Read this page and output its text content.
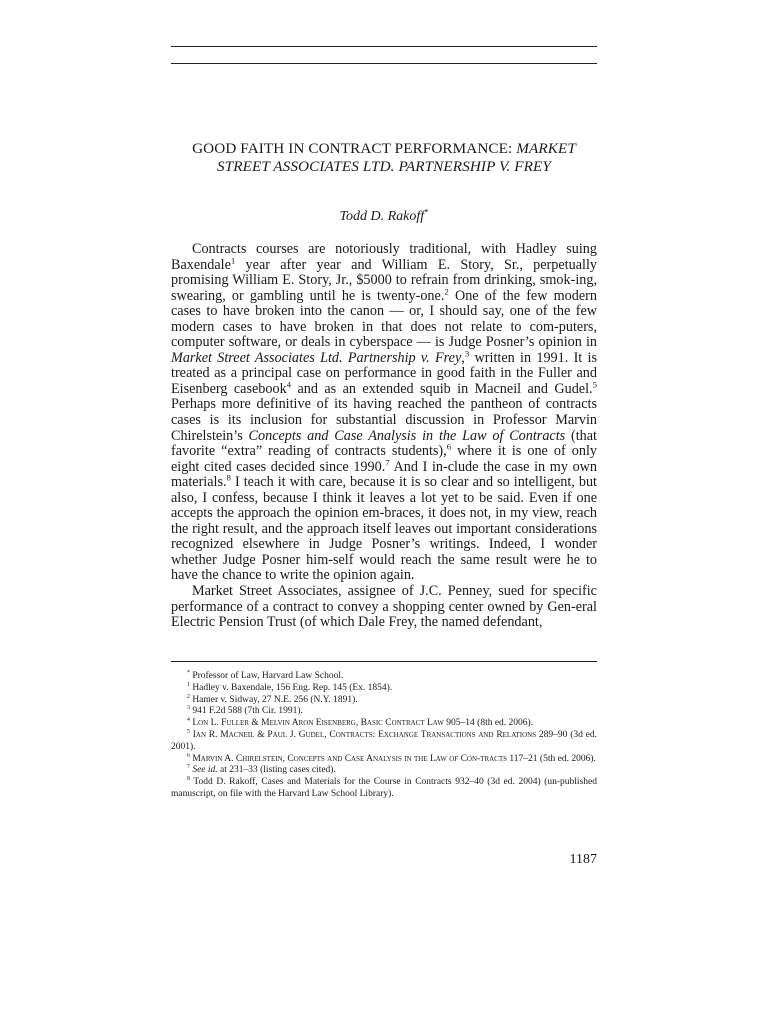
GOOD FAITH IN CONTRACT PERFORMANCE: MARKET
STREET ASSOCIATES LTD. PARTNERSHIP V. FREY
Todd D. Rakoff*

Contracts courses are notoriously traditional, with Hadley suing Baxendale$^1$ year after year and William E. Story, Sr., perpetually promising William E. Story, Jr., $5000 to refrain from drinking, smok-ing, swearing, or gambling until he is twenty-one.$^2$ One of the few modern cases to have broken into the canon — or, I should say, one of the few modern cases to have broken in that does not relate to com-puters, computer software, or deals in cyberspace — is Judge Posner’s opinion in Market Street Associates Ltd. Partnership v. Frey,$^3$ written in 1991. It is treated as a principal case on performance in good faith in the Fuller and Eisenberg casebook$^4$ and as an extended squib in Macneil and Gudel.$^5$ Perhaps more definitive of its having reached the pantheon of contracts cases is its inclusion for substantial discussion in Professor Marvin Chirelstein’s Concepts and Case Analysis in the Law of Contracts (that favorite “extra” reading of contracts students),$^6$ where it is one of only eight cited cases decided since 1990.$^7$ And I in-clude the case in my own materials.$^8$ I teach it with care, because it is so clear and so intelligent, but also, I confess, because I think it leaves a lot yet to be said. Even if one accepts the approach the opinion em-braces, it does not, in my view, reach the right result, and the approach itself leaves out important considerations recognized elsewhere in Judge Posner’s writings. Indeed, I wonder whether Judge Posner him-self would reach the same result were he to have the chance to write the opinion again.

Market Street Associates, assignee of J.C. Penney, sued for specific performance of a contract to convey a shopping center owned by Gen-eral Electric Pension Trust (of which Dale Frey, the named defendant,

* Professor of Law, Harvard Law School.
$^1$ Hadley v. Baxendale, 156 Eng. Rep. 145 (Ex. 1854).
$^2$ Hamer v. Sidway, 27 N.E. 256 (N.Y. 1891).
$^3$ 941 F.2d 588 (7th Cir. 1991).
$^4$ Lon L. Fuller & Melvin Aron Eisenberg, Basic Contract Law 905–14 (8th ed. 2006).
$^5$ Ian R. Macneil & Paul J. Gudel, Contracts: Exchange Transactions and Relations 289–90 (3d ed. 2001).
$^6$ Marvin A. Chirelstein, Concepts and Case Analysis in the Law of Con-tracts 117–21 (5th ed. 2006).
$^7$ See id. at 231–33 (listing cases cited).
$^8$ Todd D. Rakoff, Cases and Materials for the Course in Contracts 932–40 (3d ed. 2004) (un-published manuscript, on file with the Harvard Law School Library).
1187
